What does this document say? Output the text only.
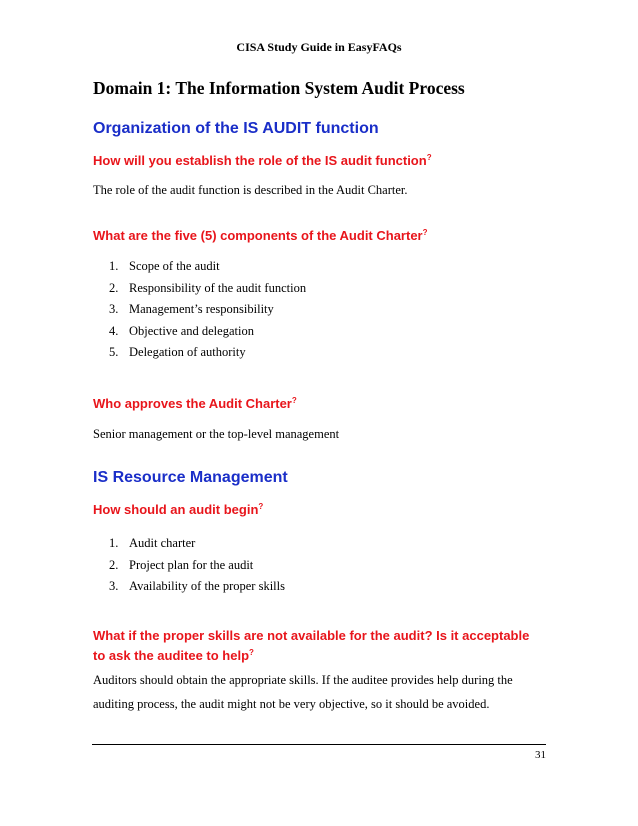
CISA Study Guide in EasyFAQs
Domain 1: The Information System Audit Process
Organization of the IS AUDIT function
How will you establish the role of the IS audit function?
The role of the audit function is described in the Audit Charter.
What are the five (5) components of the Audit Charter?
1. Scope of the audit
2. Responsibility of the audit function
3. Management’s responsibility
4. Objective and delegation
5. Delegation of authority
Who approves the Audit Charter?
Senior management or the top-level management
IS Resource Management
How should an audit begin?
1. Audit charter
2. Project plan for the audit
3. Availability of the proper skills
What if the proper skills are not available for the audit? Is it acceptable to ask the auditee to help?
Auditors should obtain the appropriate skills. If the auditee provides help during the auditing process, the audit might not be very objective, so it should be avoided.
31
